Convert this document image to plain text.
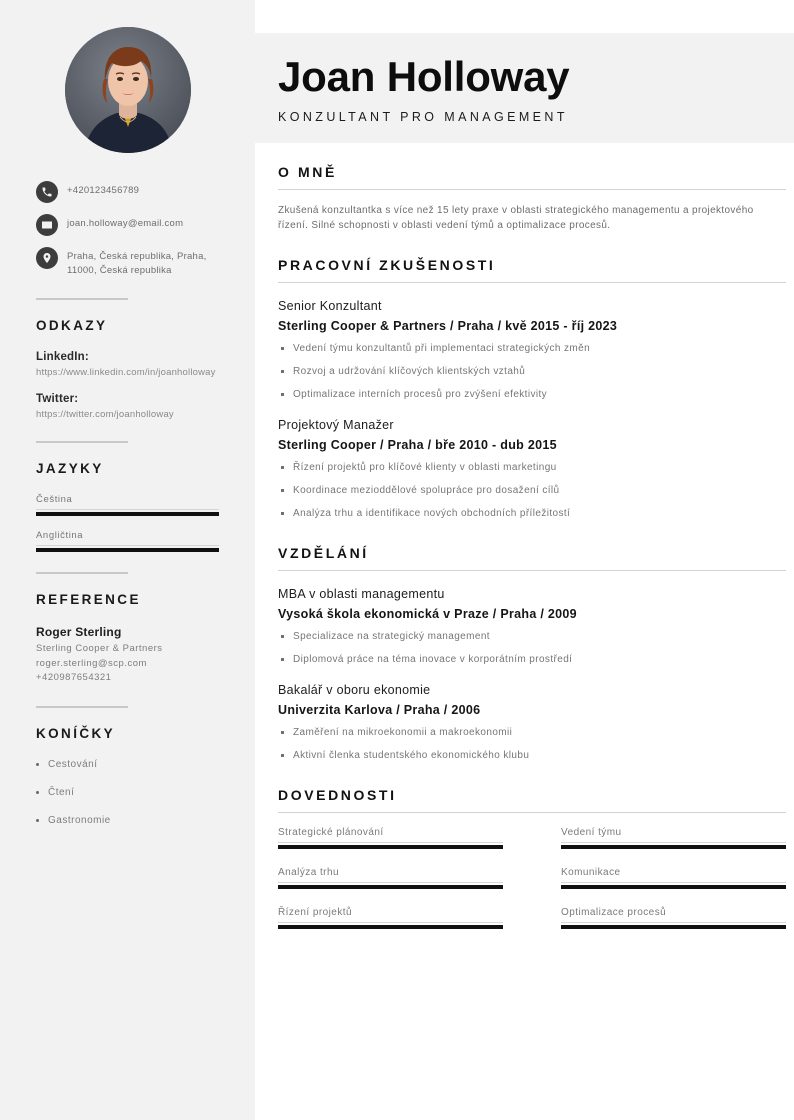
+420123456789
joan.holloway@email.com
Praha, Česká republika, Praha, 11000, Česká republika
ODKAZY
LinkedIn:
https://www.linkedin.com/in/joanholloway
Twitter:
https://twitter.com/joanholloway
JAZYKY
Čeština
Angličtina
REFERENCE
Roger Sterling
Sterling Cooper & Partners
roger.sterling@scp.com
+420987654321
KONÍČKY
Cestování
Čtení
Gastronomie
Joan Holloway
KONZULTANT PRO MANAGEMENT
O MNĚ

Zkušená konzultantka s více než 15 lety praxe v oblasti strategického managementu a projektového řízení. Silné schopnosti v oblasti vedení týmů a optimalizace procesů.

PRACOVNÍ ZKUŠENOSTI
Senior Konzultant
Sterling Cooper & Partners / Praha / kvě 2015 - říj 2023
Vedení týmu konzultantů při implementaci strategických změn
Rozvoj a udržování klíčových klientských vztahů
Optimalizace interních procesů pro zvýšení efektivity
Projektový Manažer
Sterling Cooper / Praha / bře 2010 - dub 2015
Řízení projektů pro klíčové klienty v oblasti marketingu
Koordinace mezioddělové spolupráce pro dosažení cílů
Analýza trhu a identifikace nových obchodních příležitostí
VZDĚLÁNÍ
MBA v oblasti managementu
Vysoká škola ekonomická v Praze / Praha / 2009
Specializace na strategický management
Diplomová práce na téma inovace v korporátním prostředí
Bakalář v oboru ekonomie
Univerzita Karlova / Praha / 2006
Zaměření na mikroekonomii a makroekonomii
Aktivní členka studentského ekonomického klubu
DOVEDNOSTI
Strategické plánování	Vedení týmu
Analýza trhu	Komunikace
Řízení projektů	Optimalizace procesů
